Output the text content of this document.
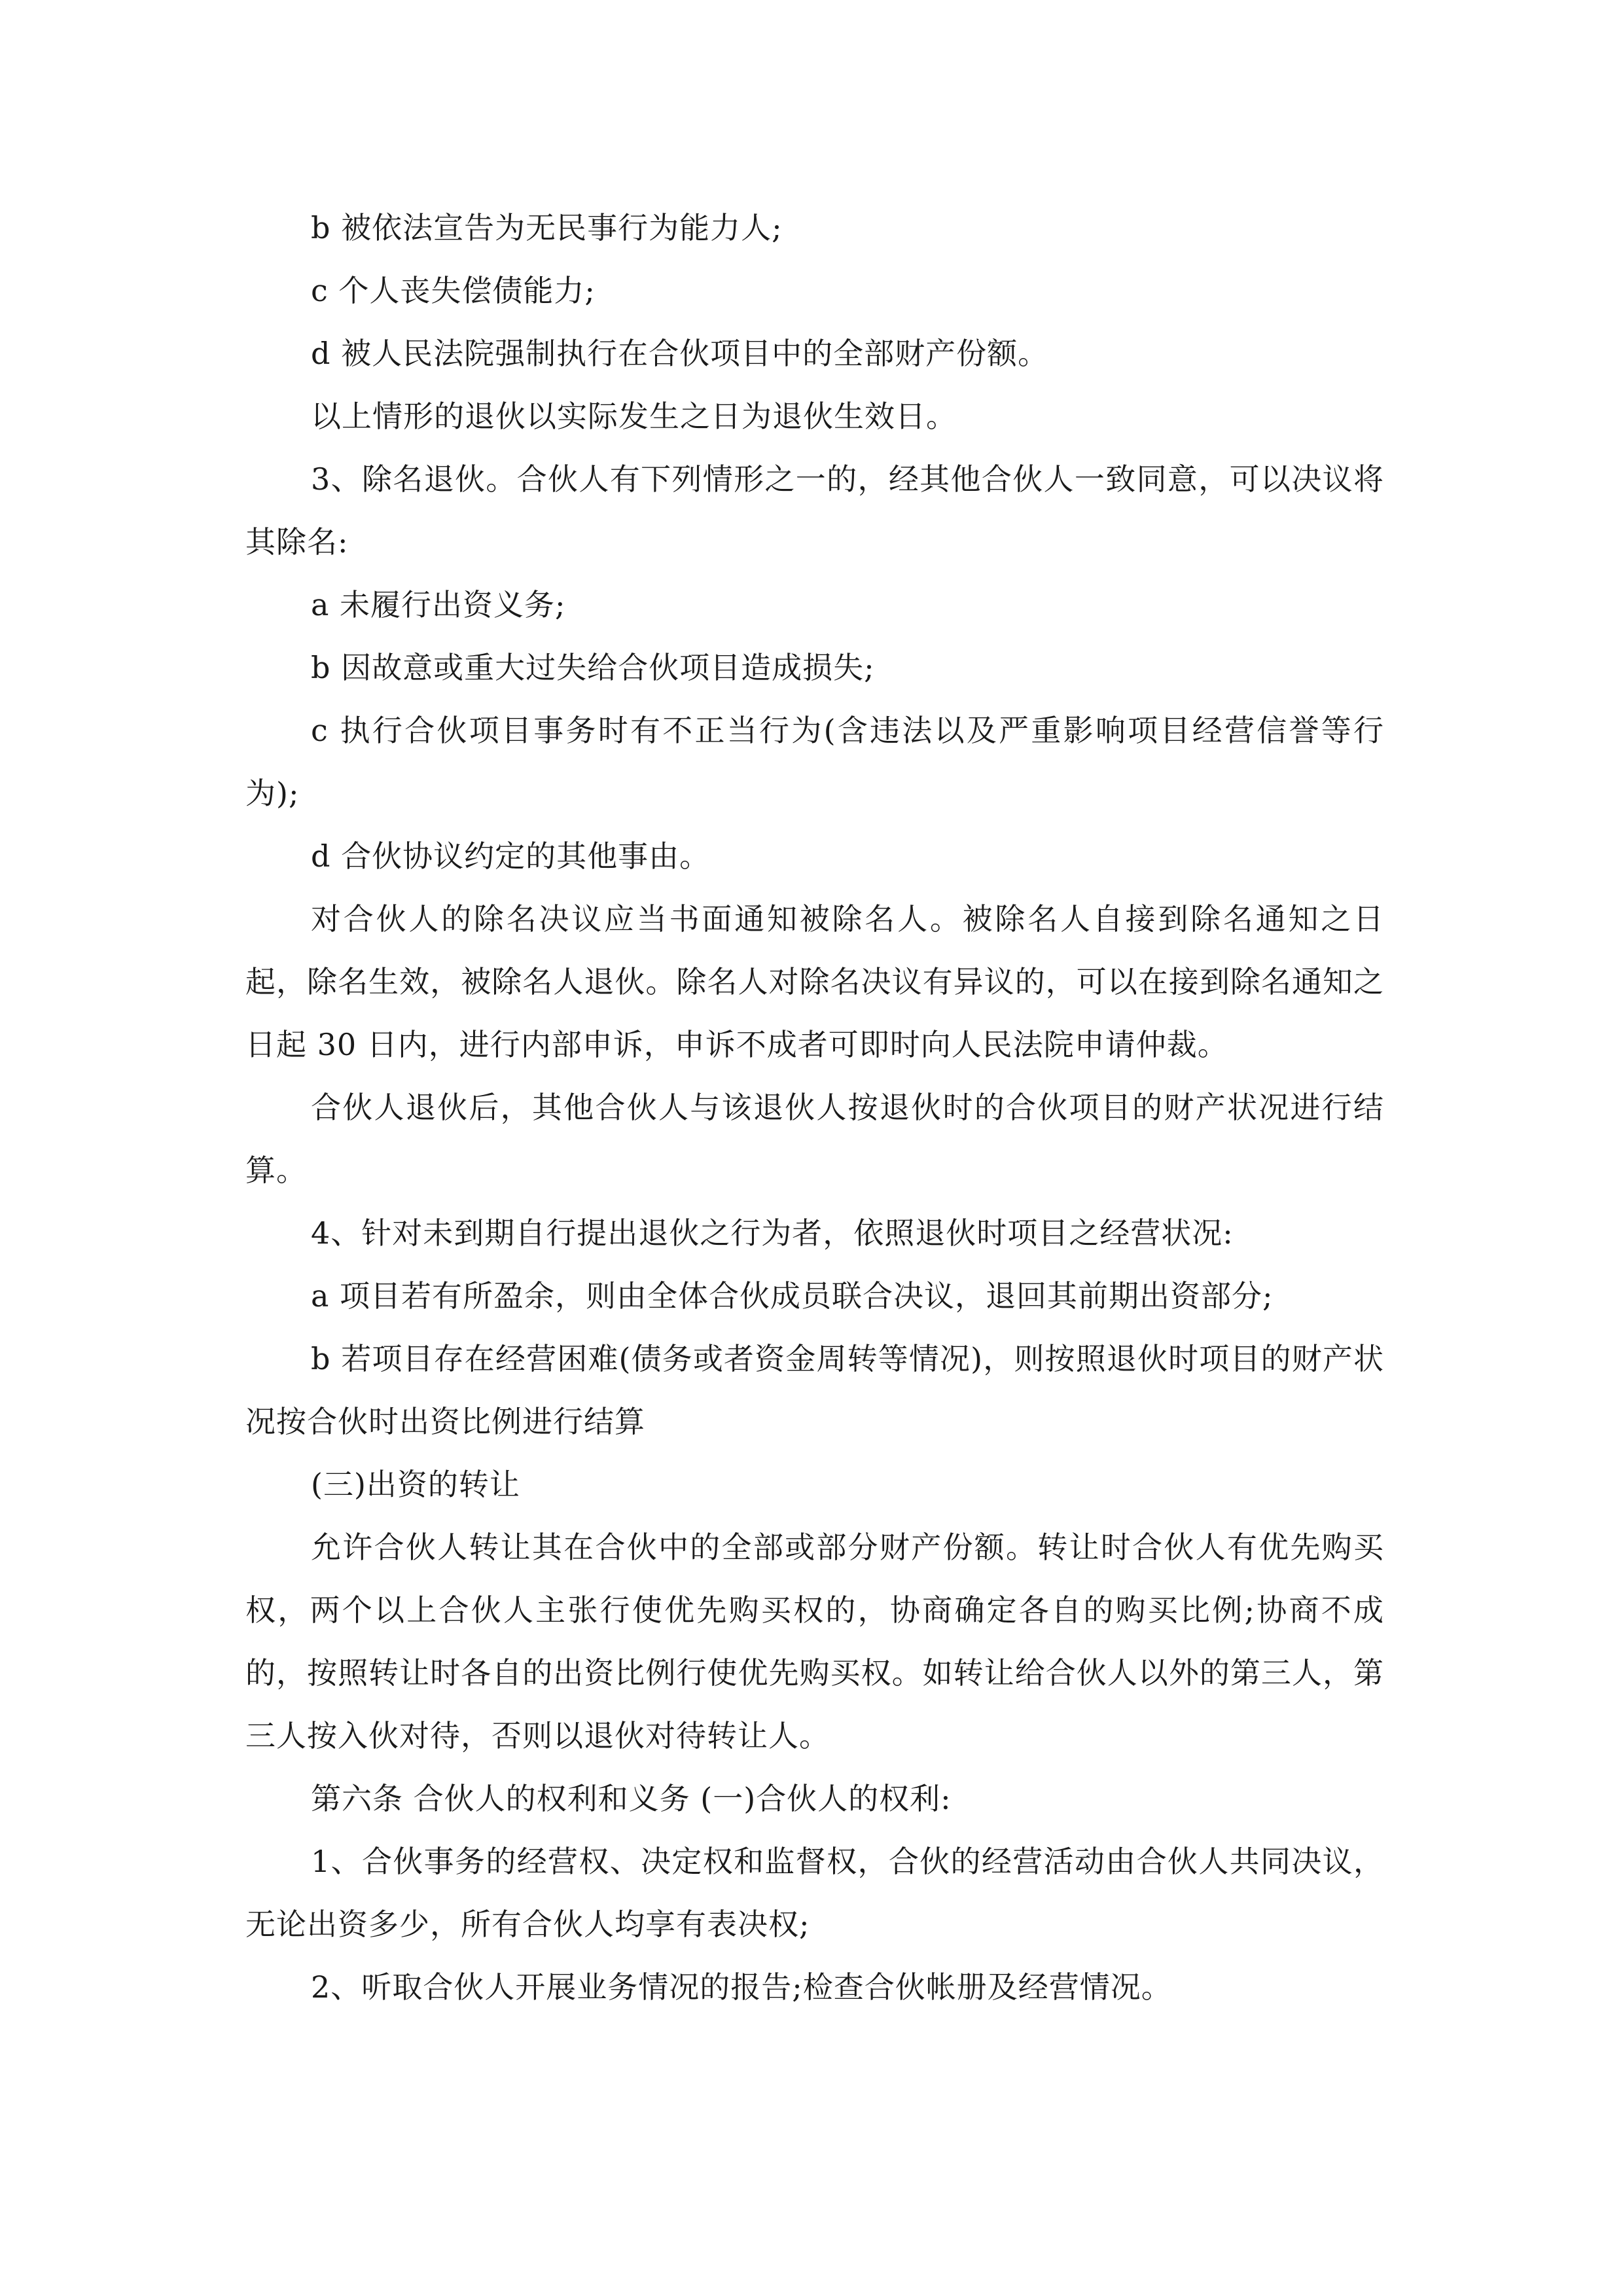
b 被依法宣告为无民事行为能力人;

c 个人丧失偿债能力;

d 被人民法院强制执行在合伙项目中的全部财产份额。

以上情形的退伙以实际发生之日为退伙生效日。

3、除名退伙。合伙人有下列情形之一的，经其他合伙人一致同意，可以决议将其除名:

a 未履行出资义务;

b 因故意或重大过失给合伙项目造成损失;

c 执行合伙项目事务时有不正当行为(含违法以及严重影响项目经营信誉等行为);

d 合伙协议约定的其他事由。

对合伙人的除名决议应当书面通知被除名人。被除名人自接到除名通知之日起，除名生效，被除名人退伙。除名人对除名决议有异议的，可以在接到除名通知之日起 30 日内，进行内部申诉，申诉不成者可即时向人民法院申请仲裁。

合伙人退伙后，其他合伙人与该退伙人按退伙时的合伙项目的财产状况进行结算。

4、针对未到期自行提出退伙之行为者，依照退伙时项目之经营状况:

a 项目若有所盈余，则由全体合伙成员联合决议，退回其前期出资部分;

b 若项目存在经营困难(债务或者资金周转等情况)，则按照退伙时项目的财产状况按合伙时出资比例进行结算

(三)出资的转让

允许合伙人转让其在合伙中的全部或部分财产份额。转让时合伙人有优先购买权，两个以上合伙人主张行使优先购买权的，协商确定各自的购买比例;协商不成的，按照转让时各自的出资比例行使优先购买权。如转让给合伙人以外的第三人，第三人按入伙对待，否则以退伙对待转让人。

第六条 合伙人的权利和义务 (一)合伙人的权利:

1、合伙事务的经营权、决定权和监督权，合伙的经营活动由合伙人共同决议，无论出资多少，所有合伙人均享有表决权;

2、听取合伙人开展业务情况的报告;检查合伙帐册及经营情况。
